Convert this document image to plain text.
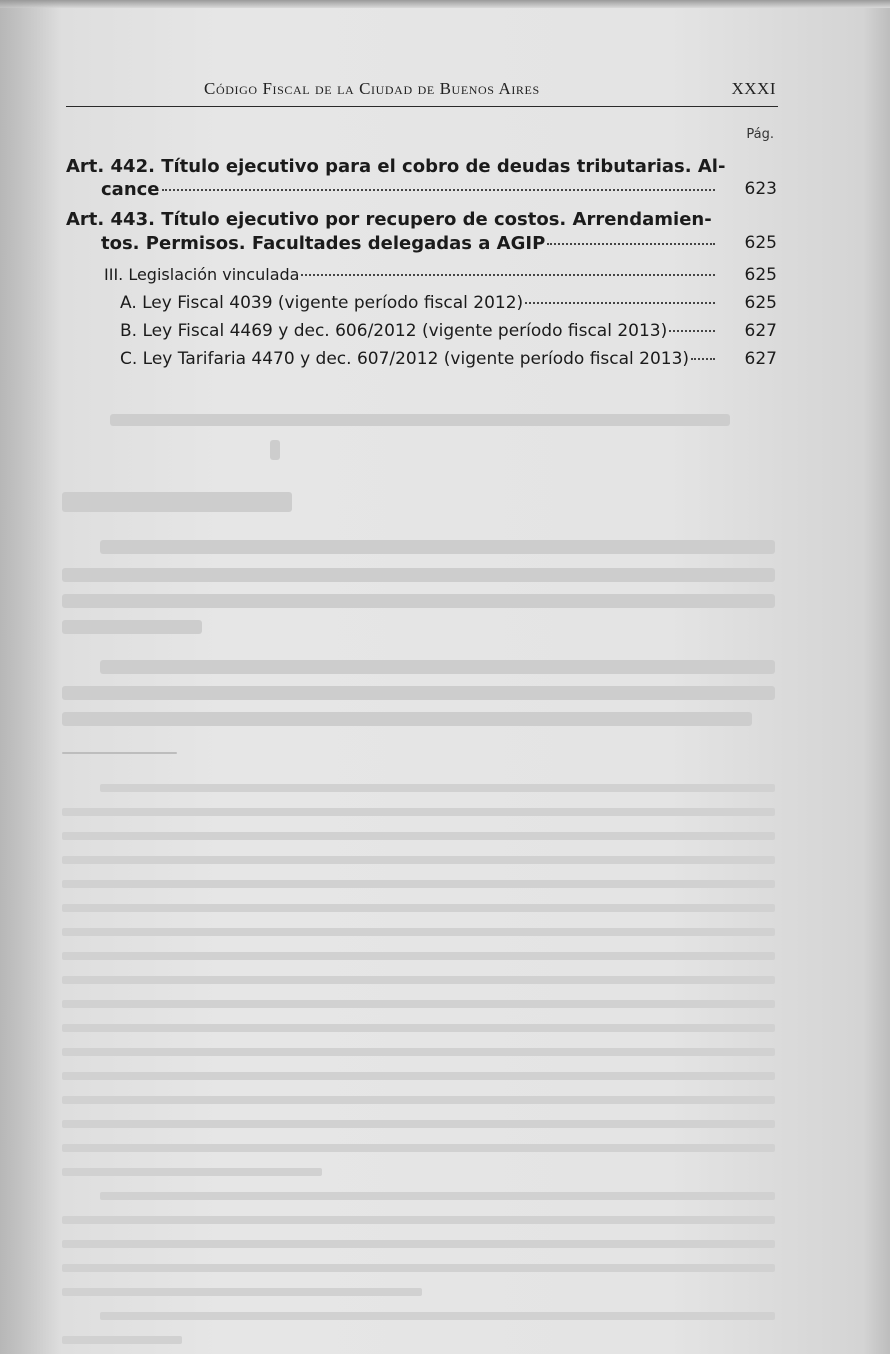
Código Fiscal de la Ciudad de Buenos Aires	XXXI
Pág.
Art. 442. Título ejecutivo para el cobro de deudas tributarias. Al-
cance	623
Art. 443. Título ejecutivo por recupero de costos. Arrendamien-
tos. Permisos. Facultades delegadas a AGIP	625
III. Legislación vinculada	625
A. Ley Fiscal 4039 (vigente período fiscal 2012)	625
B. Ley Fiscal 4469 y dec. 606/2012 (vigente período fiscal 2013)	627
C. Ley Tarifaria 4470 y dec. 607/2012 (vigente período fiscal 2013)	627
